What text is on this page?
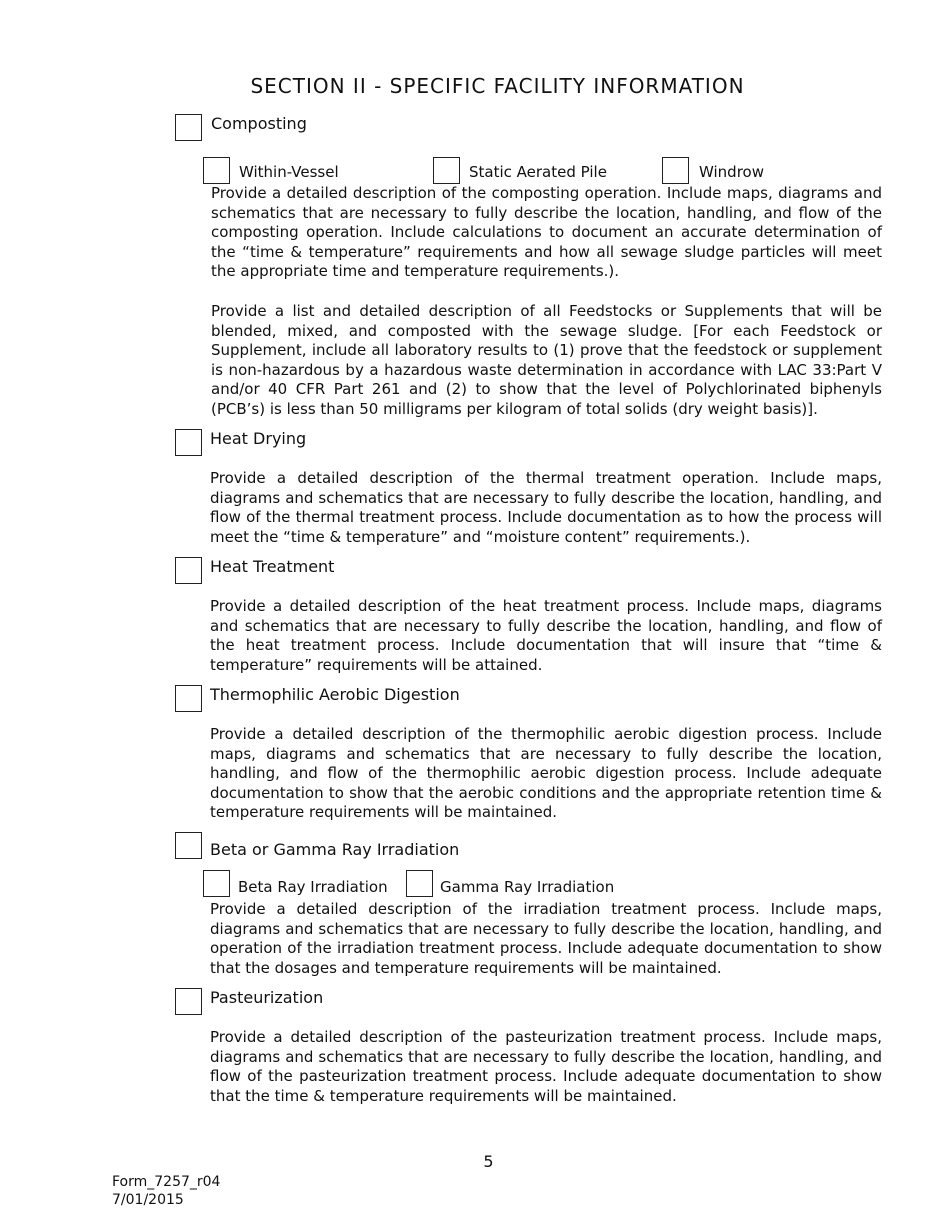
SECTION II - SPECIFIC FACILITY INFORMATION
Composting
Within-Vessel	Static Aerated Pile	Windrow
Provide a detailed description of the composting operation. Include maps, diagrams and schematics that are necessary to fully describe the location, handling, and flow of the composting operation. Include calculations to document an accurate determination of the “time & temperature” requirements and how all sewage sludge particles will meet the appropriate time and temperature requirements.).
Provide a list and detailed description of all Feedstocks or Supplements that will be blended, mixed, and composted with the sewage sludge. [For each Feedstock or Supplement, include all laboratory results to (1) prove that the feedstock or supplement is non-hazardous by a hazardous waste determination in accordance with LAC 33:Part V and/or 40 CFR Part 261 and (2) to show that the level of Polychlorinated biphenyls (PCB’s) is less than 50 milligrams per kilogram of total solids (dry weight basis)].
Heat Drying
Provide a detailed description of the thermal treatment operation. Include maps, diagrams and schematics that are necessary to fully describe the location, handling, and flow of the thermal treatment process. Include documentation as to how the process will meet the “time & temperature” and “moisture content” requirements.).
Heat Treatment
Provide a detailed description of the heat treatment process. Include maps, diagrams and schematics that are necessary to fully describe the location, handling, and flow of the heat treatment process. Include documentation that will insure that “time & temperature” requirements will be attained.
Thermophilic Aerobic Digestion
Provide a detailed description of the thermophilic aerobic digestion process. Include maps, diagrams and schematics that are necessary to fully describe the location, handling, and flow of the thermophilic aerobic digestion process. Include adequate documentation to show that the aerobic conditions and the appropriate retention time & temperature requirements will be maintained.
Beta or Gamma Ray Irradiation
Beta Ray Irradiation	Gamma Ray Irradiation
Provide a detailed description of the irradiation treatment process. Include maps, diagrams and schematics that are necessary to fully describe the location, handling, and operation of the irradiation treatment process. Include adequate documentation to show that the dosages and temperature requirements will be maintained.
Pasteurization
Provide a detailed description of the pasteurization treatment process. Include maps, diagrams and schematics that are necessary to fully describe the location, handling, and flow of the pasteurization treatment process. Include adequate documentation to show that the time & temperature requirements will be maintained.
5
Form_7257_r04
7/01/2015
